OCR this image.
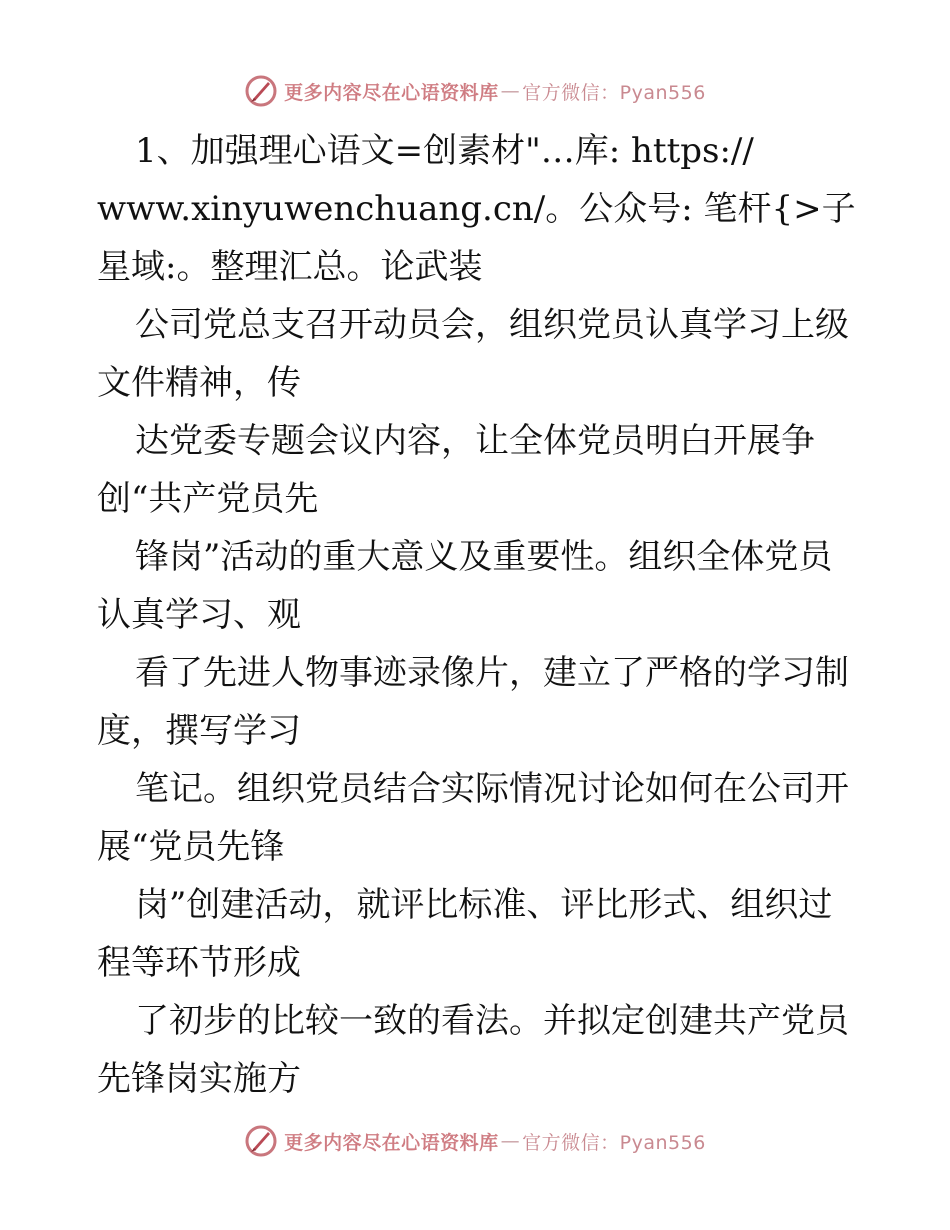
更多内容尽在心语资料库 — 官方微信：Pyan556

1、加强理心语文=创素材"…库: https:// www.xinyuwenchuang.cn/。公众号: 笔杆{>子星域:。整理汇总。论武装

公司党总支召开动员会，组织党员认真学习上级文件精神，传

达党委专题会议内容，让全体党员明白开展争创“共产党员先

锋岗”活动的重大意义及重要性。组织全体党员认真学习、观

看了先进人物事迹录像片，建立了严格的学习制度，撰写学习

笔记。组织党员结合实际情况讨论如何在公司开展“党员先锋

岗”创建活动，就评比标准、评比形式、组织过程等环节形成

了初步的比较一致的看法。并拟定创建共产党员先锋岗实施方

更多内容尽在心语资料库 — 官方微信：Pyan556
